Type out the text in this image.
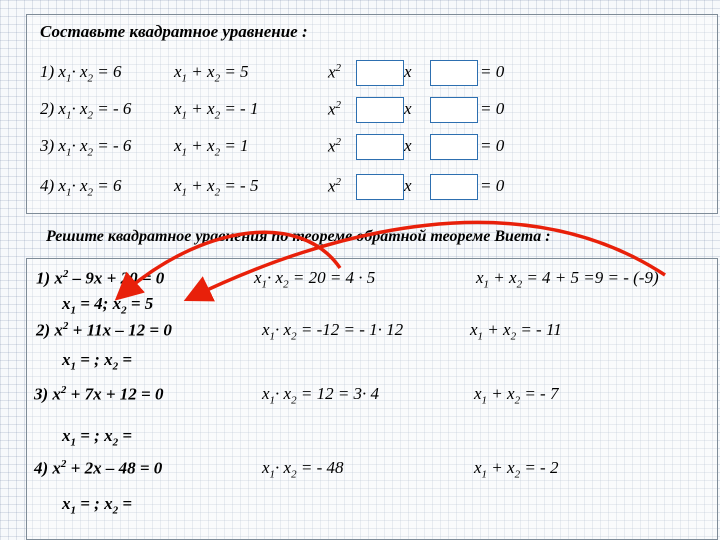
Составьте квадратное уравнение :
1) $x_1\cdot x_2 = 6$	$x_1 + x_2 = 5$	$x^2$	x	= 0
2) $x_1\cdot x_2$ = - 6	$x_1 + x_2$ = - 1	$x^2$	x	= 0
3) $x_1\cdot x_2$ = - 6	$x_1 + x_2 = 1$	$x^2$	x	= 0
4) $x_1\cdot x_2 = 6$	$x_1 + x_2$ = - 5	$x^2$	x	= 0
Решите квадратное уравнения по теореме обратной теореме Виета :
1) $x^2 - 9x + 20 = 0$
$x_1 = 4$; $x_2 = 5$
$x_1\cdot x_2 = 20 = 4 \cdot 5$	$x_1 + x_2 = 4 + 5 =9$ = - (-9)
2) $x^2 + 11x - 12 = 0$
$x_1$ = ; $x_2$ =
$x_1\cdot x_2 = -12$ = - 1· 12	$x_1 + x_2$ = - 11
3) $x^2 + 7x + 12 = 0$
$x_1$ = ; $x_2$ =
$x_1\cdot x_2 = 12 = 3\cdot 4$	$x_1 + x_2$ = - 7
4) $x^2 + 2x - 48 = 0$
$x_1$ = ; $x_2$ =
$x_1\cdot x_2$ = - 48	$x_1 + x_2$ = - 2
